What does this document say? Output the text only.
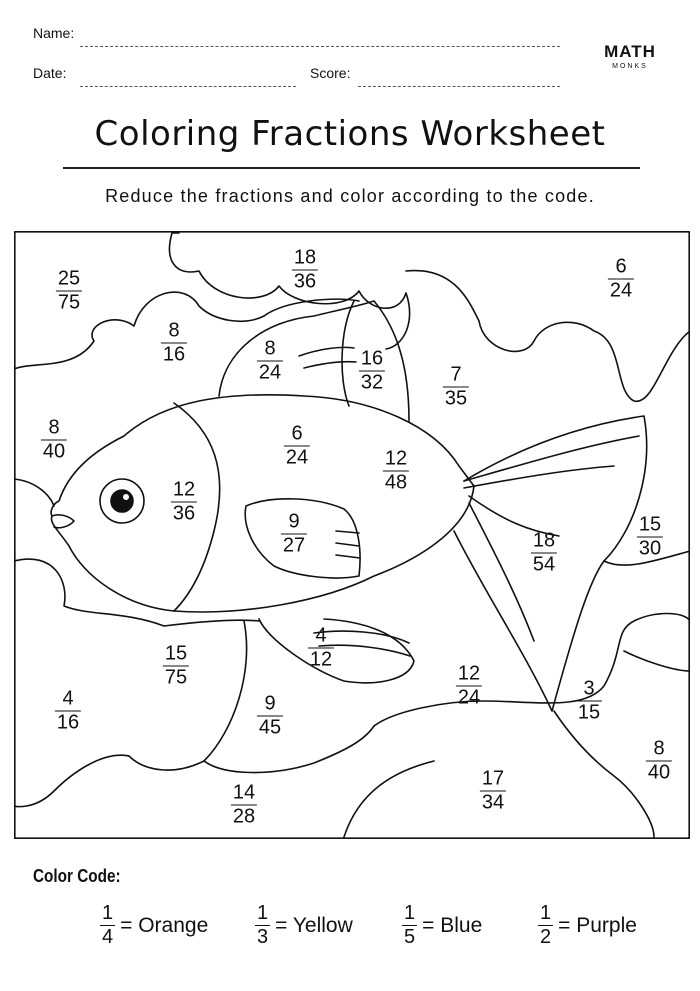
Name:
Date:	Score:
MATH
MONKS
Coloring Fractions Worksheet
Reduce the fractions and color according to the code.
25
75
18
36
6
24
8
16	8
24
16
32	7
35
8
40
6
24	12
48
12
36	9
27	18
54
15
30
4
12
15
75
4
16
9
45
12
24	3
15
8
40
14
28
17
34
Color Code:
$\frac{1}{4}$ = Orange $\frac{1}{3}$ = Yellow $\frac{1}{5}$ = Blue	$\frac{1}{2}$ = Purple
